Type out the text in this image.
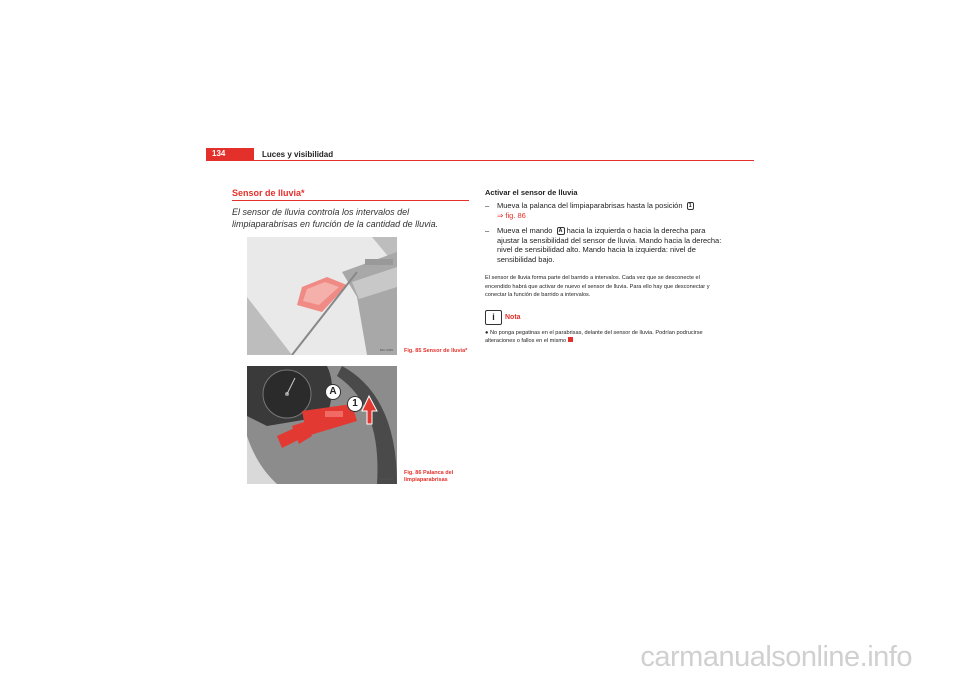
134	Luces y visibilidad
Sensor de lluvia*
El sensor de lluvia controla los intervalos del limpiaparabrisas en función de la cantidad de lluvia.
B1F-0086 Fig. 85 Sensor de lluvia*
A
1
B1F-0445
Fig. 86 Palanca del limpiaparabrisas
Activar el sensor de lluvia
– Mueva la palanca del limpiaparabrisas hasta la posición 1
⇒ fig. 86
– Mueva el mando A hacia la izquierda o hacia la derecha para ajustar la sensibilidad del sensor de lluvia. Mando hacia la derecha: nivel de sensibilidad alto. Mando hacia la izquierda: nivel de sensibilidad bajo.
El sensor de lluvia forma parte del barrido a intervalos. Cada vez que se desconecte el encendido habrá que activar de nuevo el sensor de lluvia. Para ello hay que desconectar y conectar la función de barrido a intervalos.
i	Nota
● No ponga pegatinas en el parabrisas, delante del sensor de lluvia. Podrían podrucirse alteraciones o fallos en el mismo
carmanualsonline.info
